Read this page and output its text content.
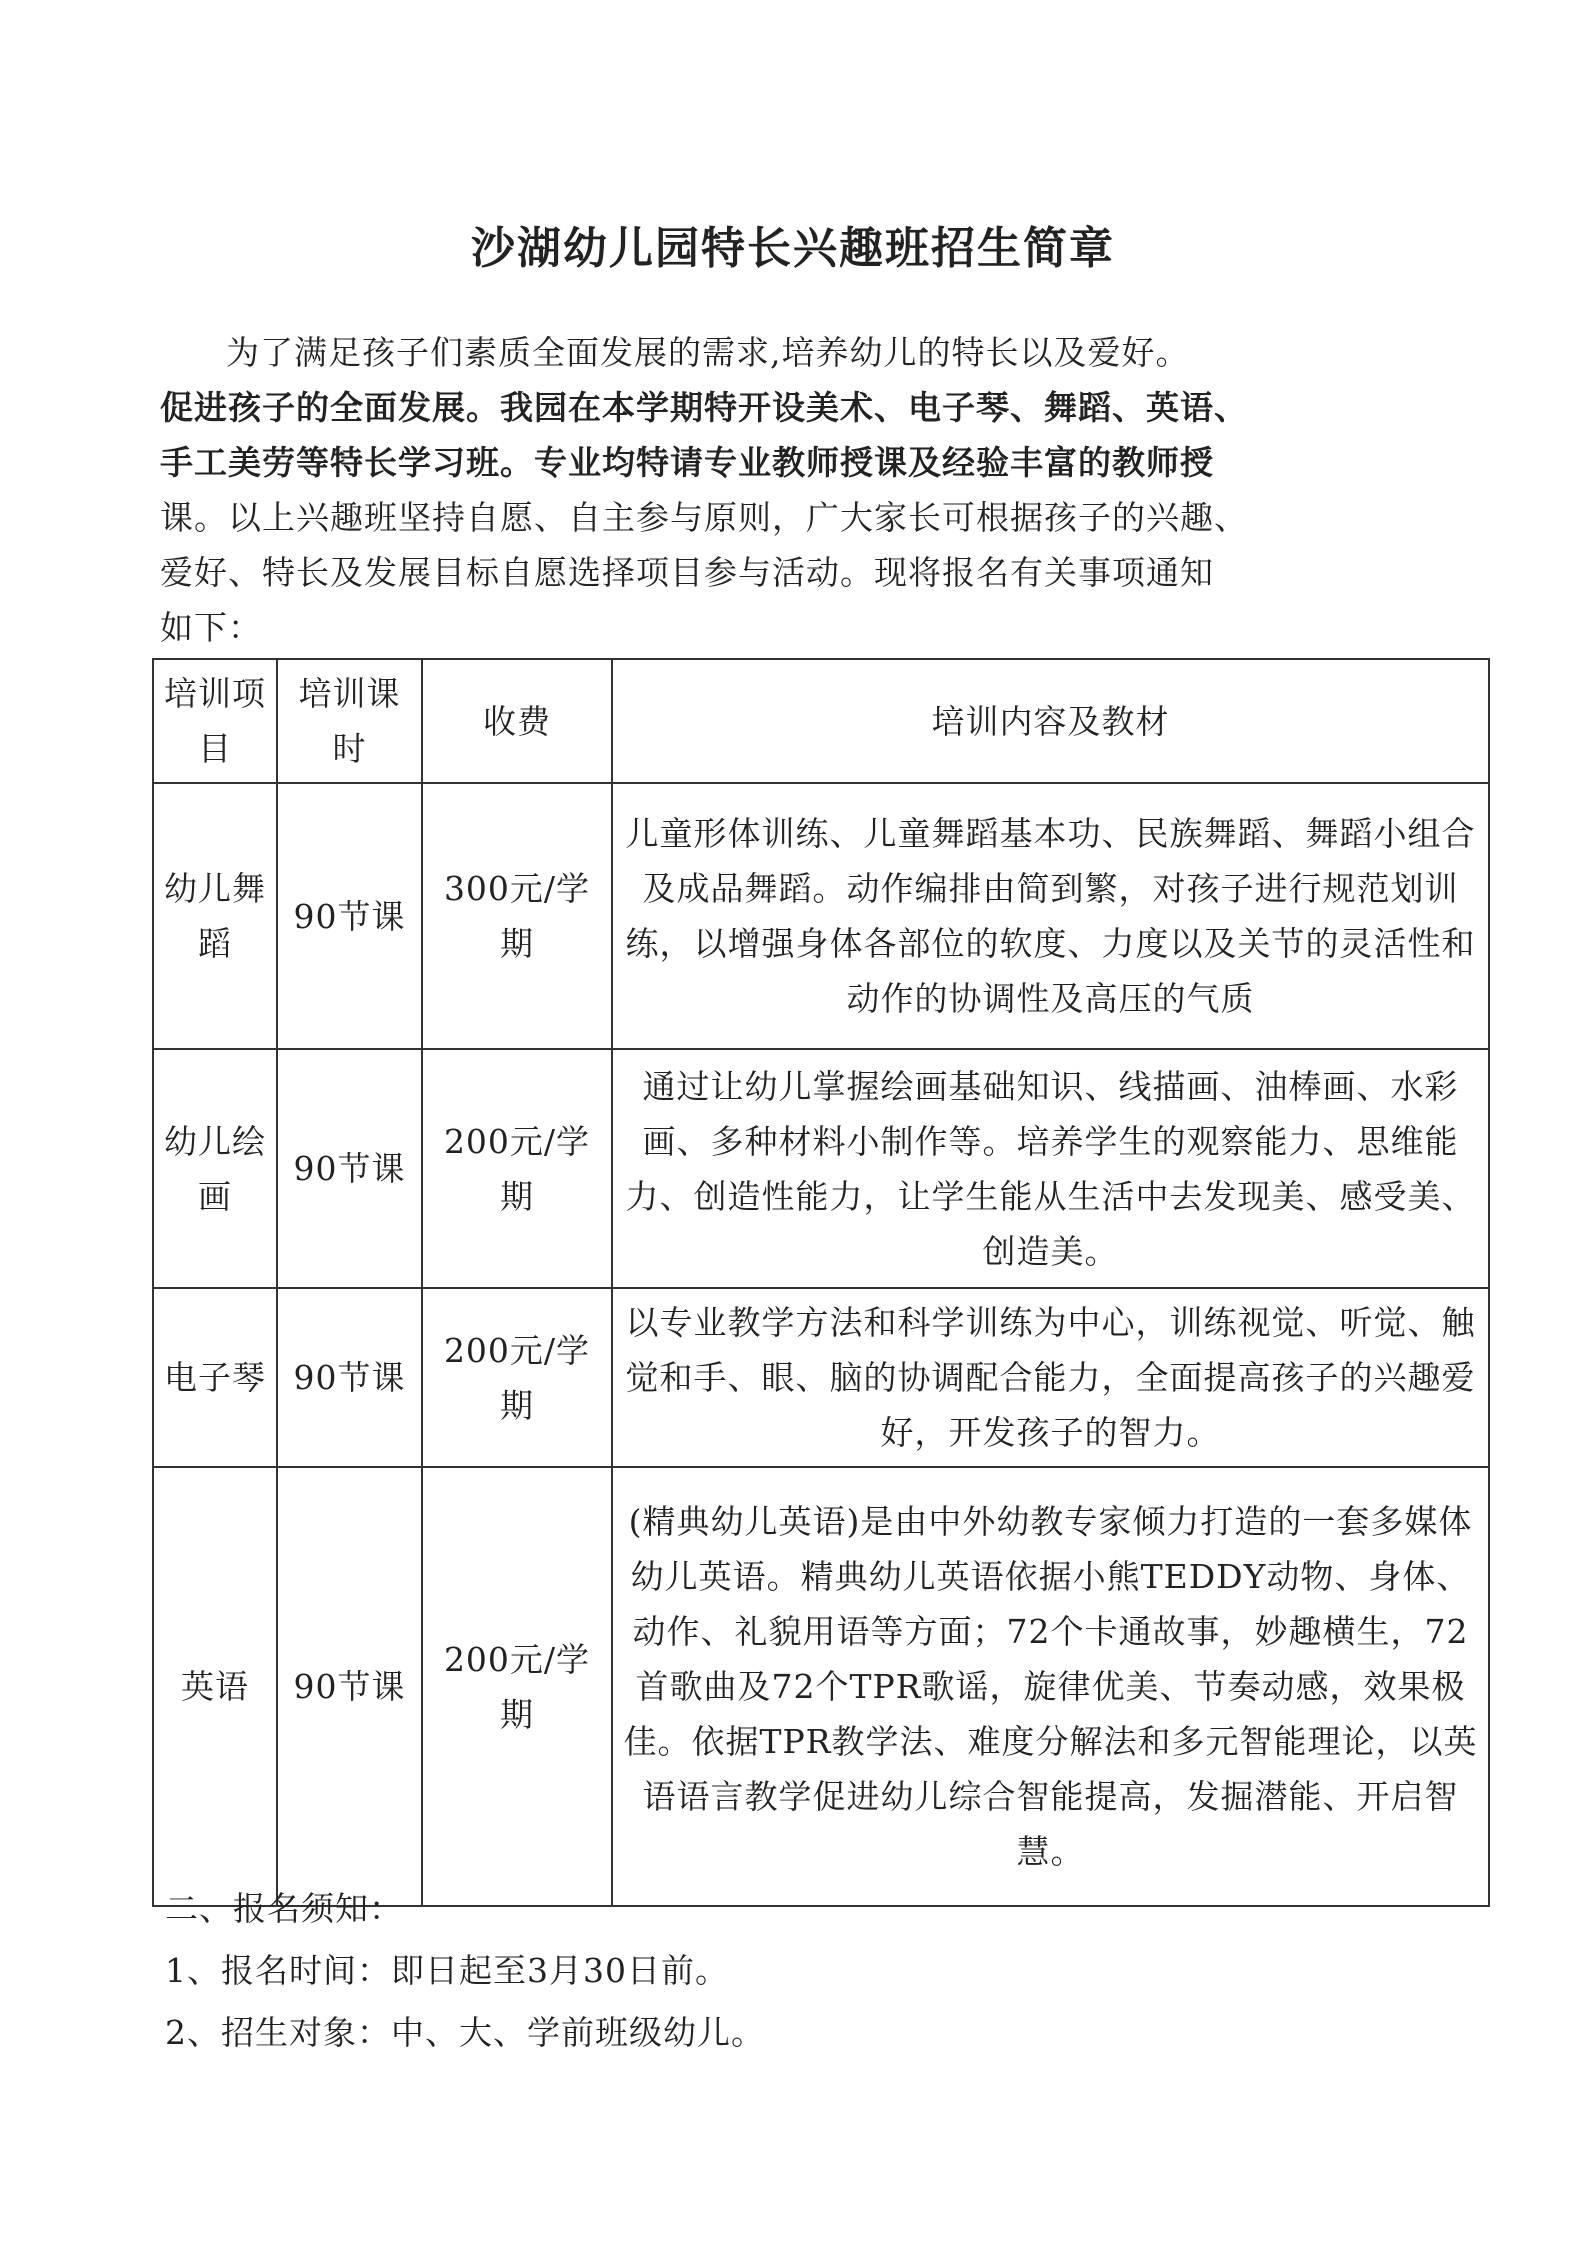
沙湖幼儿园特长兴趣班招生简章
为了满足孩子们素质全面发展的需求,培养幼儿的特长以及爱好。
促进孩子的全面发展。我园在本学期特开设美术、电子琴、舞蹈、英语、
手工美劳等特长学习班。专业均特请专业教师授课及经验丰富的教师授
课。以上兴趣班坚持自愿、自主参与原则，广大家长可根据孩子的兴趣、
爱好、特长及发展目标自愿选择项目参与活动。现将报名有关事项通知
如下：
培训项目	培训课时	收费	培训内容及教材
幼儿舞蹈	90节课	300元/学期	儿童形体训练、儿童舞蹈基本功、民族舞蹈、舞蹈小组合及成品舞蹈。动作编排由简到繁，对孩子进行规范划训练，以增强身体各部位的软度、力度以及关节的灵活性和动作的协调性及高压的气质
幼儿绘画	90节课	200元/学期	通过让幼儿掌握绘画基础知识、线描画、油棒画、水彩画、多种材料小制作等。培养学生的观察能力、思维能力、创造性能力，让学生能从生活中去发现美、感受美、创造美。
电子琴	90节课	200元/学期	以专业教学方法和科学训练为中心，训练视觉、听觉、触觉和手、眼、脑的协调配合能力，全面提高孩子的兴趣爱好，开发孩子的智力。
英语	90节课	200元/学期	(精典幼儿英语)是由中外幼教专家倾力打造的一套多媒体幼儿英语。精典幼儿英语依据小熊TEDDY动物、身体、动作、礼貌用语等方面；72个卡通故事，妙趣横生，72首歌曲及72个TPR歌谣，旋律优美、节奏动感，效果极佳。依据TPR教学法、难度分解法和多元智能理论，以英语语言教学促进幼儿综合智能提高，发掘潜能、开启智慧。
二、报名须知：
1、报名时间：即日起至3月30日前。
2、招生对象：中、大、学前班级幼儿。
